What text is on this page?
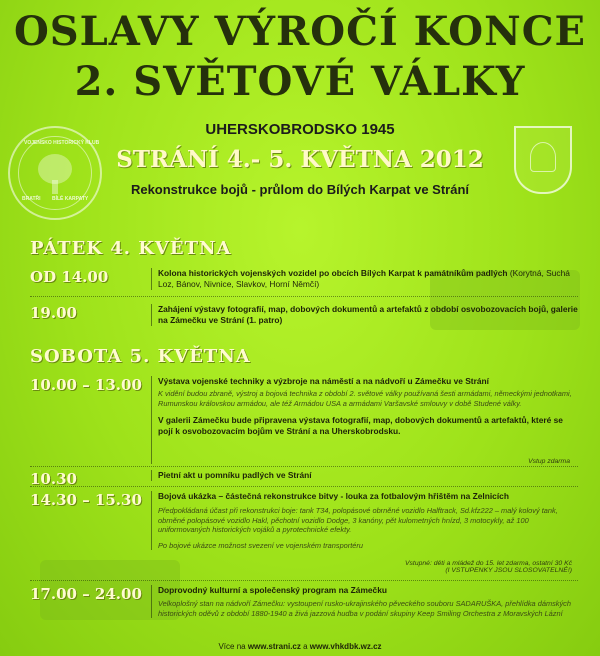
OSLAVY VÝROČÍ KONCE
2. SVĚTOVÉ VÁLKY
UHERSKOBRODSKO 1945
STRÁNÍ 4.- 5. KVĚTNA 2012
Rekonstrukce bojů - průlom do Bílých Karpat ve Strání
VOJENSKO HISTORICKÝ KLUB
BRATŘI BÍLÉ KARPATY
PÁTEK 4. KVĚTNA
OD 14.00	Kolona historických vojenských vozidel po obcích Bílých Karpat k památníkům padlých (Korytná, Suchá Loz, Bánov, Nivnice, Slavkov, Horní Němčí)
19.00	Zahájení výstavy fotografií, map, dobových dokumentů a artefaktů z období osvobozovacích bojů, galerie na Zámečku ve Strání (1. patro)
SOBOTA 5. KVĚTNA
10.00 – 13.00	Výstava vojenské techniky a výzbroje na náměstí a na nádvoří u Zámečku ve Strání
K vidění budou zbraně, výstroj a bojová technika z období 2. světové války používaná šesti armádami, německými jednotkami, Rumunskou královskou armádou, ale též Armádou USA a armádami Varšavské smlouvy v době Studené války.
V galerii Zámečku bude připravena výstava fotografií, map, dobových dokumentů a artefaktů, které se pojí k osvobozovacím bojům ve Strání a na Uherskobrodsku.
Vstup zdarma
10.30	Pietní akt u pomníku padlých ve Strání
14.30 – 15.30	Bojová ukázka – částečná rekonstrukce bitvy - louka za fotbalovým hřištěm na Zelnicích
Předpokládaná účast při rekonstrukci boje: tank T34, polopásové obrněné vozidlo Halftrack, Sd.kfz222 – malý kolový tank, obrněné polopásové vozidlo Hakl, pěchotní vozidlo Dodge, 3 kanóny, pět kulometných hnízd, 3 motocykly, až 100 uniformovaných historických vojáků a pyrotechnické efekty.
Po bojové ukázce možnost svezení ve vojenském transportéru
Vstupné: děti a mládež do 15. let zdarma, ostatní 30 Kč
(I VSTUPENKY JSOU SLOSOVATELNÉ!)
17.00 – 24.00	Doprovodný kulturní a společenský program na Zámečku
Velkoplošný stan na nádvoří Zámečku: vystoupení rusko-ukrajinského pěveckého souboru SADARUŠKA, přehlídka dámských historických oděvů z období 1880-1940 a živá jazzová hudba v podání skupiny Keep Smiling Orchestra z Moravských Lázní
Více na www.strani.cz a www.vhkdbk.wz.cz
